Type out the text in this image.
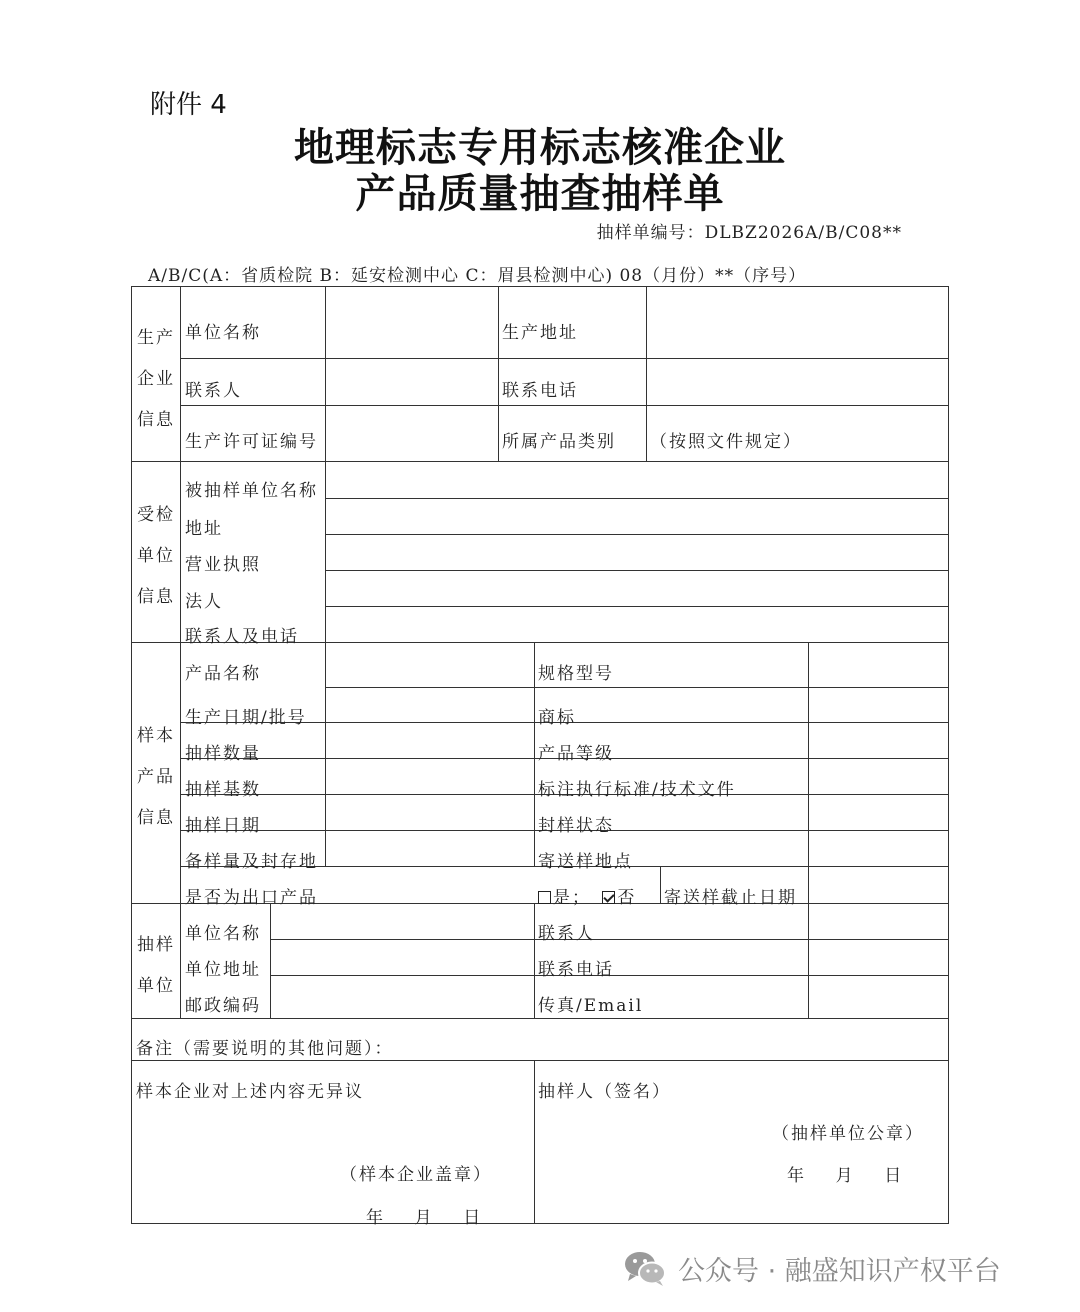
附件 4
地理标志专用标志核准企业
产品质量抽查抽样单
抽样单编号：DLBZ2026A/B/C08**
A/B/C(A：省质检院 B：延安检测中心 C：眉县检测中心) 08（月份）**（序号）
生产
企业
信息
单位名称	生产地址
联系人	联系电话
生产许可证编号	所属产品类别 （按照文件规定）
受检
单位
信息
被抽样单位名称
地址
营业执照
法人
联系人及电话
样本
产品
信息
产品名称	规格型号
生产日期/批号	商标
抽样数量	产品等级
抽样基数	标注执行标准/技术文件
抽样日期	封样状态
备样量及封存地	寄送样地点
是否为出口产品	是； 否 寄送样截止日期
抽样
单位
单位名称	联系人
单位地址	联系电话
邮政编码	传真/Email
备注（需要说明的其他问题）：
样本企业对上述内容无异议
（样本企业盖章）
年    月    日
抽样人（签名）
（抽样单位公章）
年    月    日
公众号 · 融盛知识产权平台
